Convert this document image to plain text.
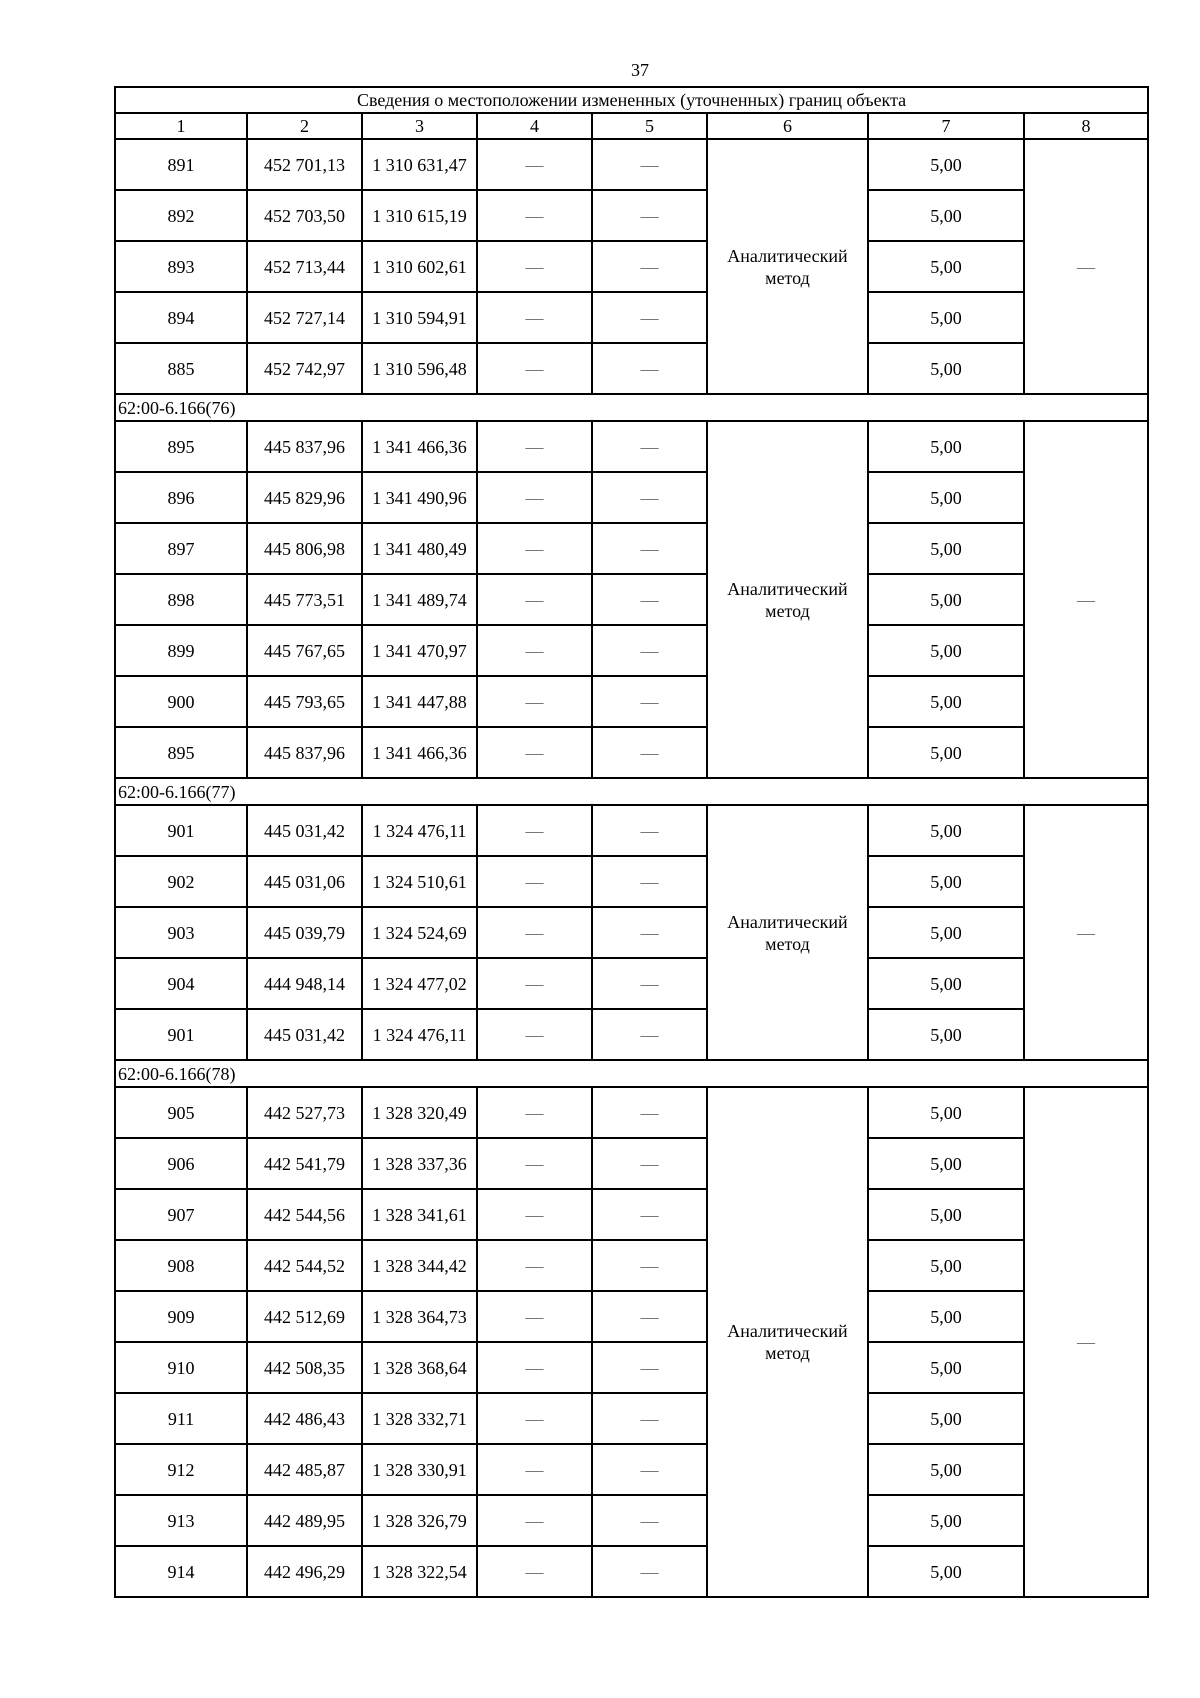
37
Сведения о местоположении измененных (уточненных) границ объекта							
1	2	3	4	5	6	7	8
891	452 701,13	1 310 631,47	—	—	Аналитический метод	5,00	—
892	452 703,50	1 310 615,19	—	—		5,00	
893	452 713,44	1 310 602,61	—	—		5,00	
894	452 727,14	1 310 594,91	—	—		5,00	
885	452 742,97	1 310 596,48	—	—		5,00	
62:00-6.166(76)							
895	445 837,96	1 341 466,36	—	—	Аналитический метод	5,00	—
896	445 829,96	1 341 490,96	—	—		5,00	
897	445 806,98	1 341 480,49	—	—		5,00	
898	445 773,51	1 341 489,74	—	—		5,00	
899	445 767,65	1 341 470,97	—	—		5,00	
900	445 793,65	1 341 447,88	—	—		5,00	
895	445 837,96	1 341 466,36	—	—		5,00	
62:00-6.166(77)							
901	445 031,42	1 324 476,11	—	—	Аналитический метод	5,00	—
902	445 031,06	1 324 510,61	—	—		5,00	
903	445 039,79	1 324 524,69	—	—		5,00	
904	444 948,14	1 324 477,02	—	—		5,00	
901	445 031,42	1 324 476,11	—	—		5,00	
62:00-6.166(78)							
905	442 527,73	1 328 320,49	—	—	Аналитический метод	5,00	—
906	442 541,79	1 328 337,36	—	—		5,00	
907	442 544,56	1 328 341,61	—	—		5,00	
908	442 544,52	1 328 344,42	—	—		5,00	
909	442 512,69	1 328 364,73	—	—		5,00	
910	442 508,35	1 328 368,64	—	—		5,00	
911	442 486,43	1 328 332,71	—	—		5,00	
912	442 485,87	1 328 330,91	—	—		5,00	
913	442 489,95	1 328 326,79	—	—		5,00	
914	442 496,29	1 328 322,54	—	—		5,00	
